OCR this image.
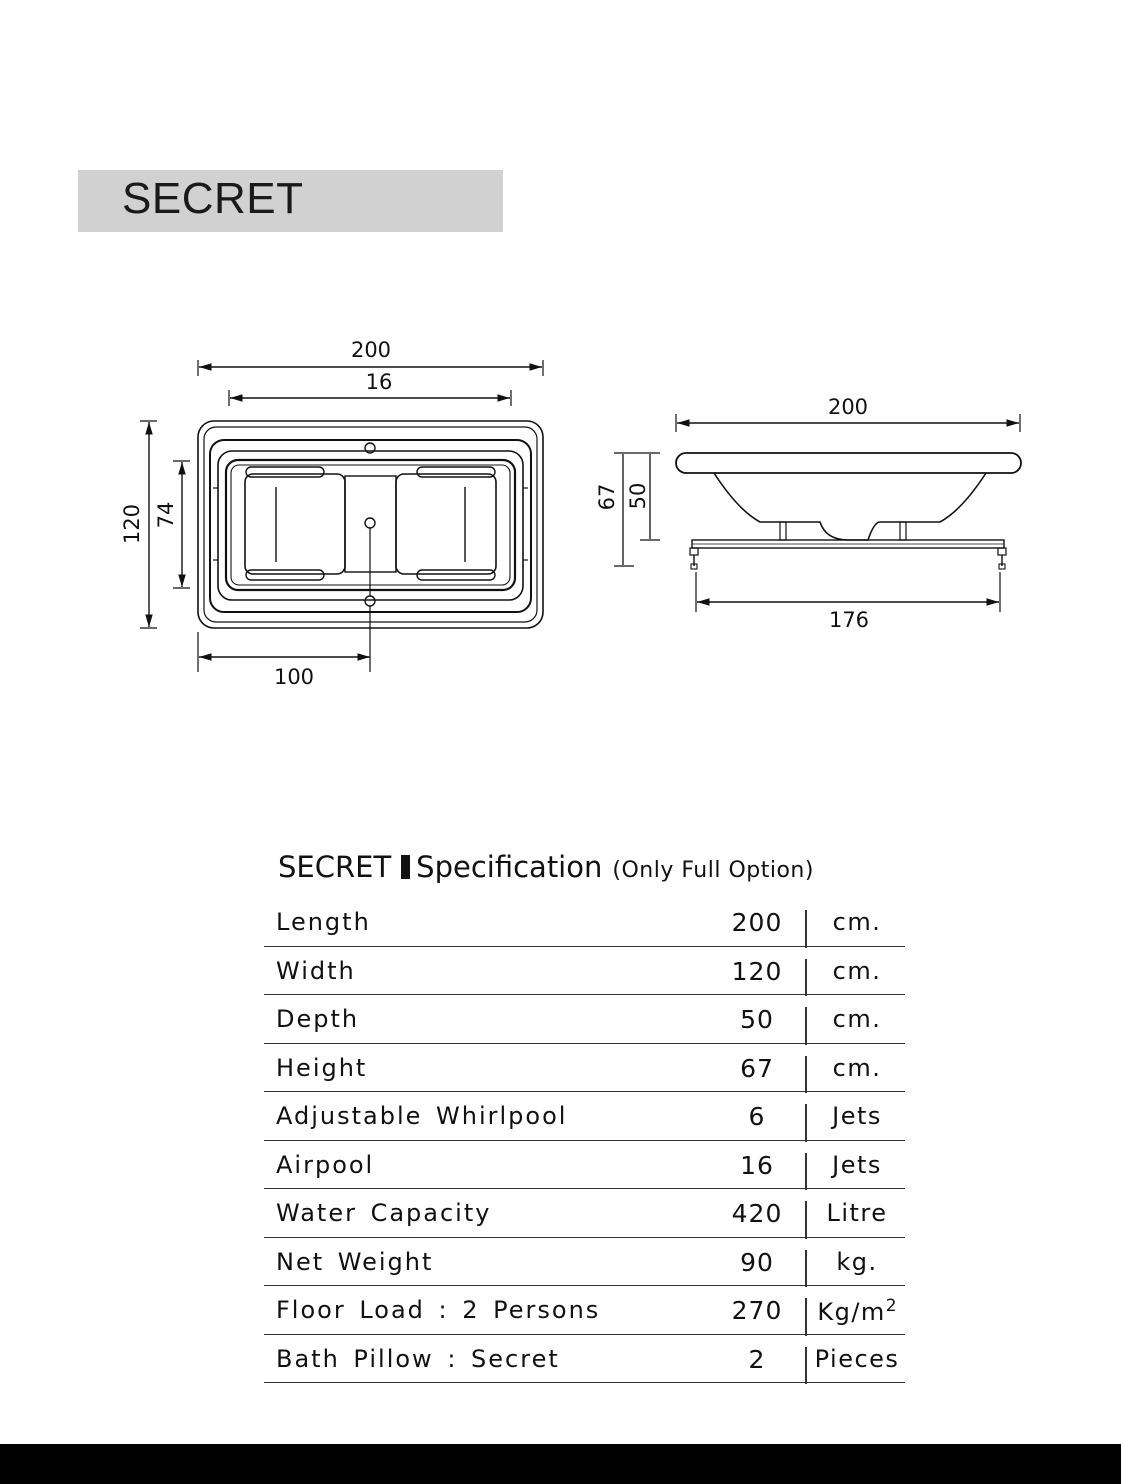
SECRET
200
16
120 74
100
200
67 50
176
SECRET Specification (Only Full Option)
Length	200	cm.
Width	120	cm.
Depth	50	cm.
Height	67	cm.
Adjustable Whirlpool	6	Jets
Airpool	16	Jets
Water Capacity	420	Litre
Net Weight	90	kg.
Floor Load : 2 Persons	270	$Kg/m^2$
Bath Pillow : Secret	2	Pieces
